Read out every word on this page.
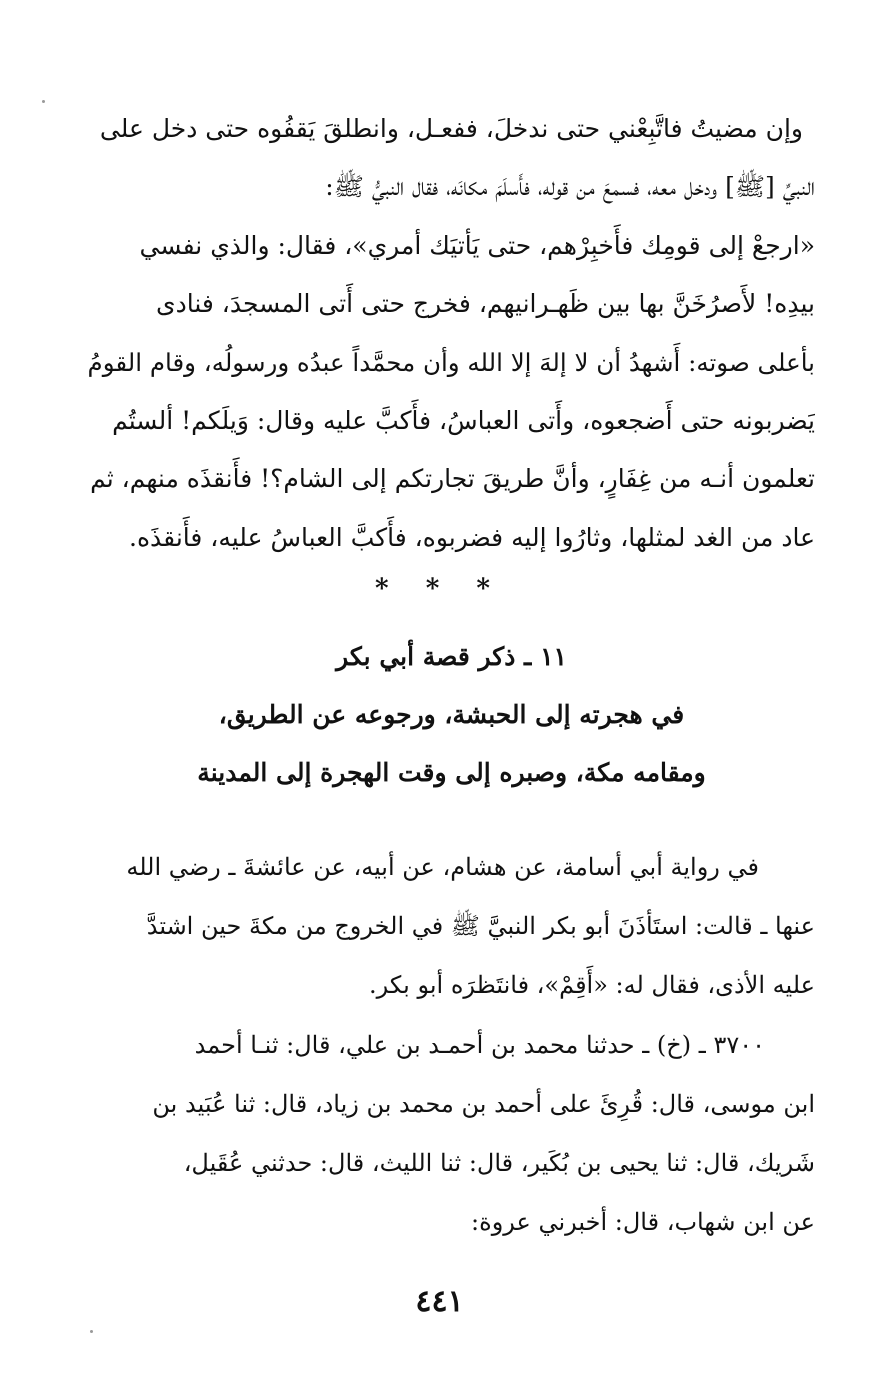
وإن مضيتُ فاتَّبِعْني حتى ندخلَ، ففعـل، وانطلقَ يَقفُوه حتى دخل على
النبيِّ [ﷺ] ودخل معه، فسمعَ من قوله، فأَسلَمَ مكانَه، فقال النبيُّ ﷺ:
«ارجعْ إلى قومِك فأَخبِرْهم، حتى يَأتيَك أمري»، فقال: والذي نفسي
بيدِه! لأَصرُخَنَّ بها بين ظَهـرانيهم، فخرج حتى أَتى المسجدَ، فنادى
بأعلى صوته: أَشهدُ أن لا إلهَ إلا الله وأن محمَّداً عبدُه ورسولُه، وقام القومُ
يَضربونه حتى أَضجعوه، وأَتى العباسُ، فأَكبَّ عليه وقال: وَيلَكم! ألستُم
تعلمون أنـه من غِفَارٍ، وأنَّ طريقَ تجارتكم إلى الشام؟! فأَنقذَه منهم، ثم
عاد من الغد لمثلها، وثارُوا إليه فضربوه، فأَكبَّ العباسُ عليه، فأَنقذَه.
* * *
١١ ـ ذكر قصة أبي بكر
في هجرته إلى الحبشة، ورجوعه عن الطريق،
ومقامه مكة، وصبره إلى وقت الهجرة إلى المدينة
في رواية أبي أسامة، عن هشام، عن أبيه، عن عائشةَ ـ رضي الله
عنها ـ قالت: استَأذَنَ أبو بكر النبيَّ ﷺ في الخروج من مكةَ حين اشتدَّ
عليه الأذى، فقال له: «أَقِمْ»، فانتَظرَه أبو بكر.
٣٧٠٠ ـ (خ) ـ حدثنا محمد بن أحمـد بن علي، قال: ثنـا أحمد
ابن موسى، قال: قُرِئَ على أحمد بن محمد بن زياد، قال: ثنا عُبَيد بن
شَريك، قال: ثنا يحيى بن بُكَير، قال: ثنا الليث، قال: حدثني عُقَيل،
عن ابن شهاب، قال: أخبرني عروة:
٤٤١
